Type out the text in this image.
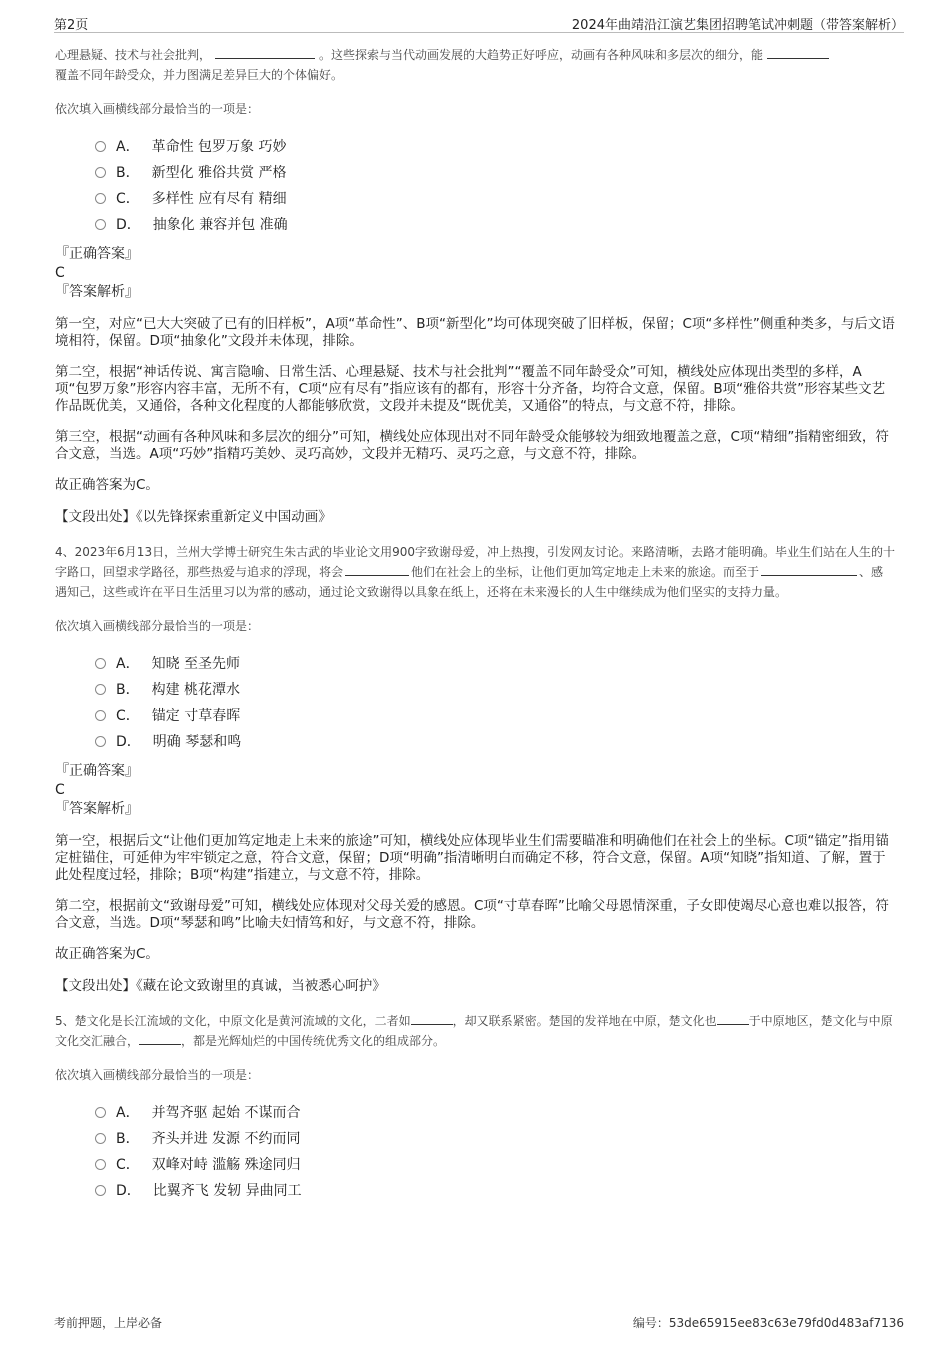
第2页	2024年曲靖沿江演艺集团招聘笔试冲刺题（带答案解析）

心理悬疑、技术与社会批判，	。这些探索与当代动画发展的大趋势正好呼应，动画有各种风味和多层次的细分，能
覆盖不同年龄受众，并力图满足差异巨大的个体偏好。

依次填入画横线部分最恰当的一项是：

A． 革命性 包罗万象 巧妙
B． 新型化 雅俗共赏 严格
C． 多样性 应有尽有 精细
D． 抽象化 兼容并包 准确

『正确答案』

C

『答案解析』

第一空，对应“已大大突破了已有的旧样板”，A项“革命性”、B项“新型化”均可体现突破了旧样板，保留；C项“多样性”侧重种类多，与后文语境相符，保留。D项“抽象化”文段并未体现，排除。

第二空，根据“神话传说、寓言隐喻、日常生活、心理悬疑、技术与社会批判”“覆盖不同年龄受众”可知，横线处应体现出类型的多样，A项“包罗万象”形容内容丰富，无所不有，C项“应有尽有”指应该有的都有，形容十分齐备，均符合文意，保留。B项“雅俗共赏”形容某些文艺作品既优美，又通俗，各种文化程度的人都能够欣赏，文段并未提及“既优美，又通俗”的特点，与文意不符，排除。

第三空，根据“动画有各种风味和多层次的细分”可知，横线处应体现出对不同年龄受众能够较为细致地覆盖之意，C项“精细”指精密细致，符合文意，当选。A项“巧妙”指精巧美妙、灵巧高妙，文段并无精巧、灵巧之意，与文意不符，排除。

故正确答案为C。

【文段出处】《以先锋探索重新定义中国动画》

4、2023年6月13日，兰州大学博士研究生朱古武的毕业论文用900字致谢母爱，冲上热搜，引发网友讨论。来路清晰，去路才能明确。毕业生们站在人生的十字路口，回望求学路径，那些热爱与追求的浮现，将会	他们在社会上的坐标，让他们更加笃定地走上未来的旅途。而至于	、感遇知己，这些或许在平日生活里习以为常的感动，通过论文致谢得以具象在纸上，还将在未来漫长的人生中继续成为他们坚实的支持力量。

依次填入画横线部分最恰当的一项是：

A． 知晓 至圣先师
B． 构建 桃花潭水
C． 锚定 寸草春晖
D． 明确 琴瑟和鸣

『正确答案』

C

『答案解析』

第一空，根据后文“让他们更加笃定地走上未来的旅途”可知，横线处应体现毕业生们需要瞄准和明确他们在社会上的坐标。C项“锚定”指用锚定桩锚住，可延伸为牢牢锁定之意，符合文意，保留；D项“明确”指清晰明白而确定不移，符合文意，保留。A项“知晓”指知道、了解，置于此处程度过轻，排除；B项“构建”指建立，与文意不符，排除。

第二空，根据前文“致谢母爱”可知，横线处应体现对父母关爱的感恩。C项“寸草春晖”比喻父母恩情深重，子女即使竭尽心意也难以报答，符合文意，当选。D项“琴瑟和鸣”比喻夫妇情笃和好，与文意不符，排除。

故正确答案为C。

【文段出处】《藏在论文致谢里的真诚，当被悉心呵护》

5、楚文化是长江流域的文化，中原文化是黄河流域的文化，二者如	，却又联系紧密。楚国的发祥地在中原，楚文化也	于中原地区，楚文化与中原文化交汇融合，	，都是光辉灿烂的中国传统优秀文化的组成部分。

依次填入画横线部分最恰当的一项是：

A． 并驾齐驱 起始 不谋而合
B． 齐头并进 发源 不约而同
C． 双峰对峙 滥觞 殊途同归
D． 比翼齐飞 发轫 异曲同工
考前押题，上岸必备	编号：53de65915ee83c63e79fd0d483af7136
